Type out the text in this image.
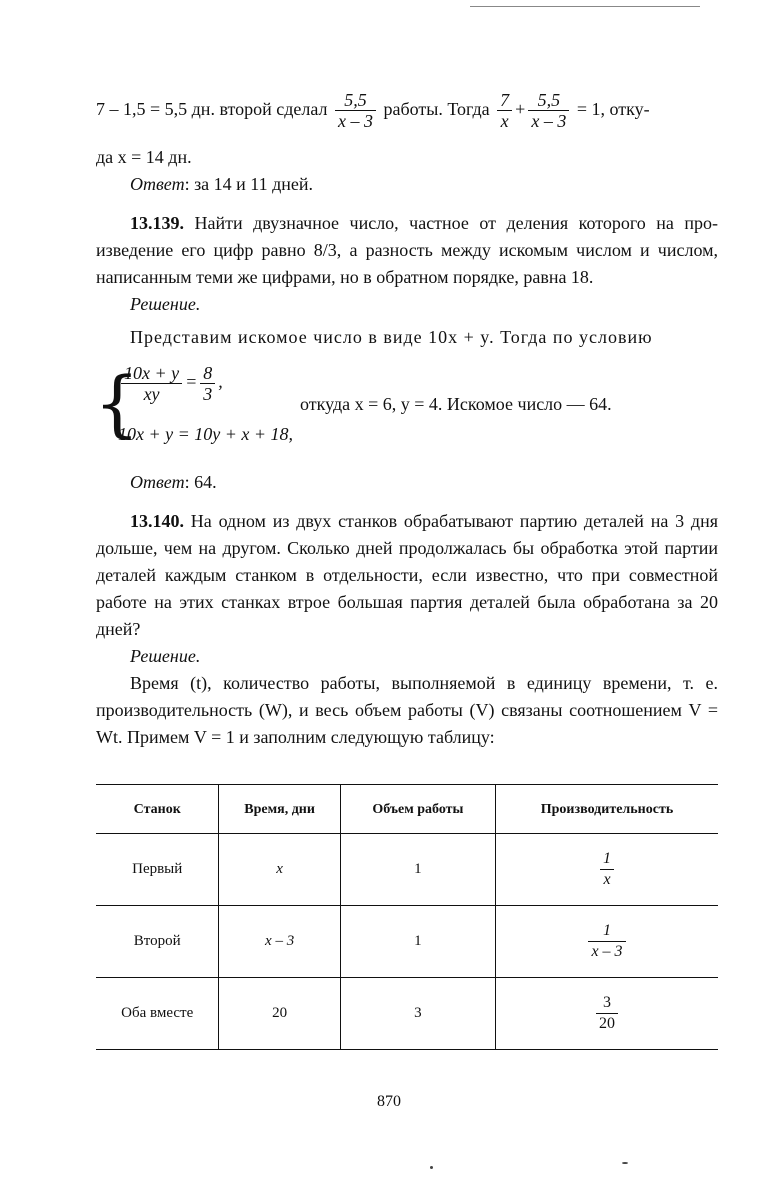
7 – 1,5 = 5,5 дн. второй сделал $\frac{5,5}{x - 3}$ работы. Тогда $\frac{7}{x} + \frac{5,5}{x - 3} = 1$, отку-
да x = 14 дн.
Ответ: за 14 и 11 дней.

13.139. Найти двузначное число, частное от деления которого на произведение его цифр равно 8/3, а разность между искомым числом и числом, написанным теми же цифрами, но в обратном порядке, равна 18.

Решение.

Представим искомое число в виде 10x + y. Тогда по условию

{
$\frac{10x + y}{xy} = \frac{8}{3}$ ,
10x + y = 10y + x + 18,
откуда x = 6, y = 4. Искомое число — 64.
Ответ: 64.

13.140. На одном из двух станков обрабатывают партию деталей на 3 дня дольше, чем на другом. Сколько дней продолжалась бы обработка этой партии деталей каждым станком в отдельности, если известно, что при совместной работе на этих станках втрое большая партия деталей была обработана за 20 дней?

Решение.

Время (t), количество работы, выполняемой в единицу времени, т. е. производительность (W), и весь объем работы (V) связаны соотношением V = Wt. Примем V = 1 и заполним следующую таблицу:

Станок	Время, дни	Объем работы	Производительность
Первый	x	1	$\frac{1}{x}$

Второй	x – 3	1	$\frac{1}{x - 3}$

Оба вместе	20	3	$\frac{3}{20}$
870
